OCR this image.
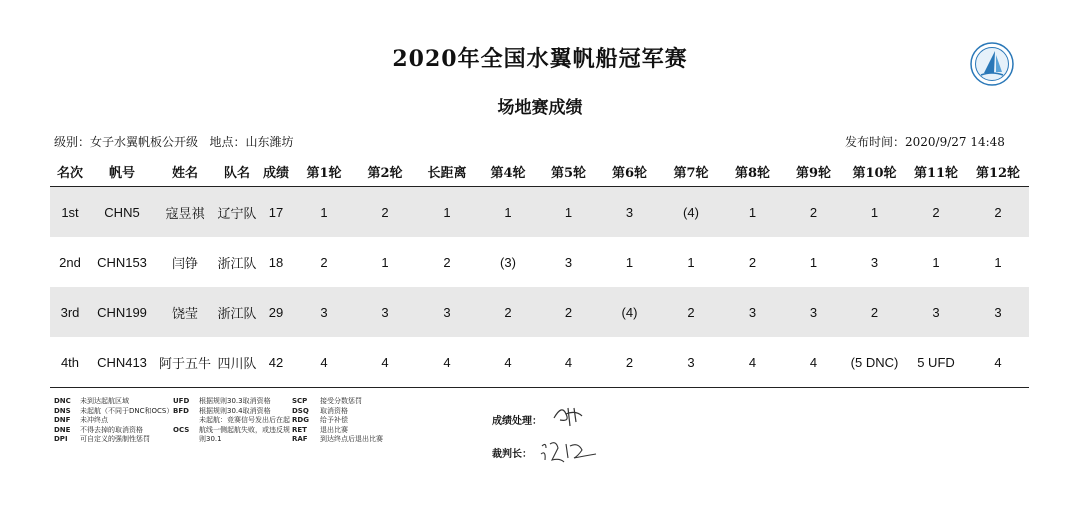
2020年全国水翼帆船冠军赛
场地赛成绩
级别：女子水翼帆板公开级 地点：山东潍坊	发布时间：2020/9/27 14:48
名次	帆号	姓名	队名	成绩	第1轮	第2轮	长距离	第4轮	第5轮	第6轮	第7轮	第8轮	第9轮	第10轮	第11轮	第12轮
1st	CHN5	寇昱祺	辽宁队	17	1	2	1	1	1	3	(4)	1	2	1	2	2
2nd	CHN153	闫铮	浙江队	18	2	1	2	(3)	3	1	1	2	1	3	1	1
3rd	CHN199	饶莹	浙江队	29	3	3	3	2	2	(4)	2	3	3	2	3	3
4th	CHN413	阿于五牛	四川队	42	4	4	4	4	4	2	3	4	4	(5 DNC)	5 UFD	4
DNC 未到达起航区域
DNS 未起航（不同于DNC和OCS）
DNF 未冲终点
DNE 不得去掉的取消资格
DPI 可自定义的强制性惩罚
UFD 根据规则30.3取消资格
BFD 根据规则30.4取消资格
未起航：竞赛信号发出后在起
OCS 航线一侧起航失败，或违反规
则30.1
SCP 接受分数惩罚
DSQ 取消资格
RDG 给予补偿
RET 退出比赛
RAF 到达终点后退出比赛
成绩处理：
裁判长：
